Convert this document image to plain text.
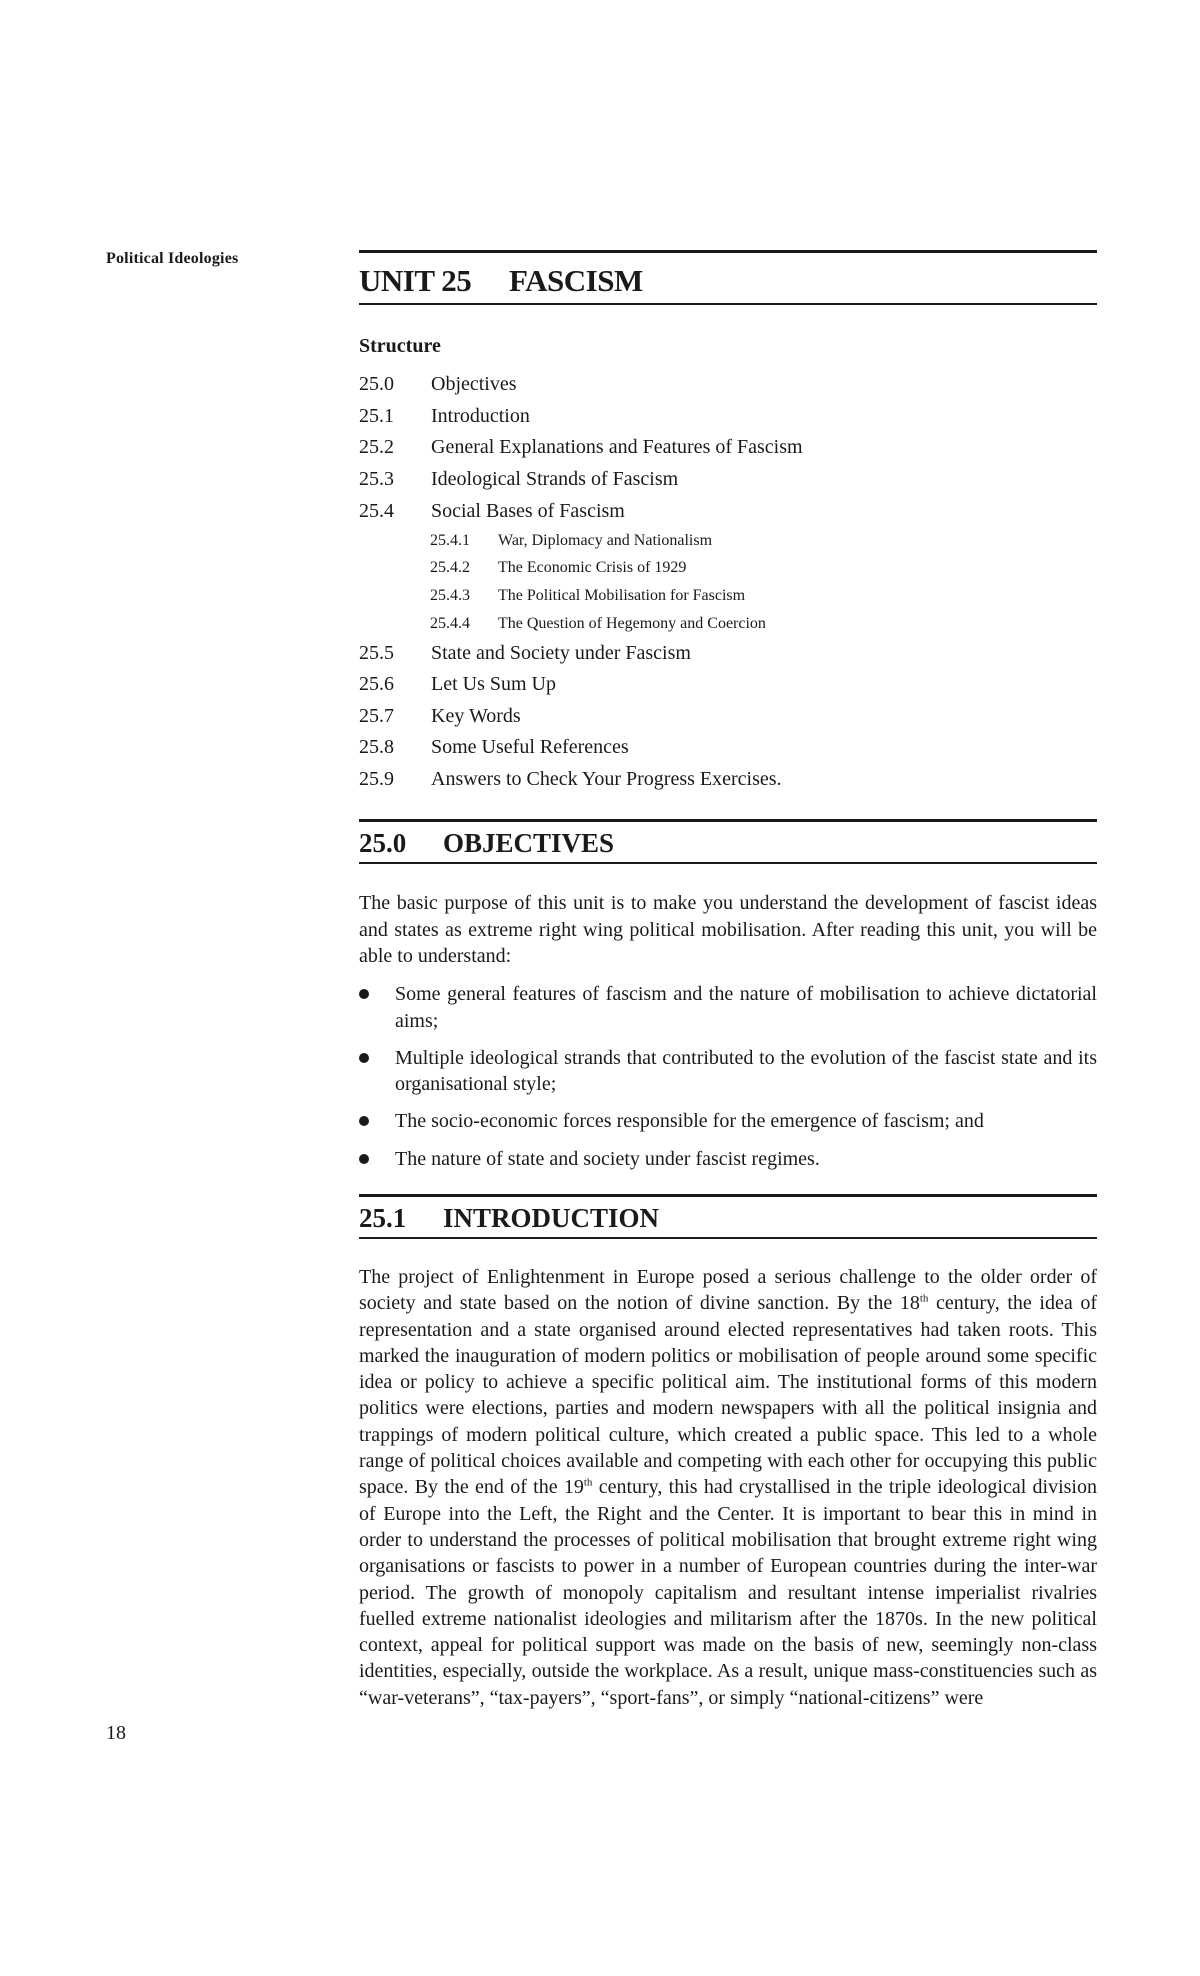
Political Ideologies
18
UNIT 25 FASCISM
Structure
25.0	Objectives
25.1	Introduction
25.2	General Explanations and Features of Fascism
25.3	Ideological Strands of Fascism
25.4	Social Bases of Fascism
25.4.1	War, Diplomacy and Nationalism
25.4.2	The Economic Crisis of 1929
25.4.3	The Political Mobilisation for Fascism
25.4.4	The Question of Hegemony and Coercion
25.5	State and Society under Fascism
25.6	Let Us Sum Up
25.7	Key Words
25.8	Some Useful References
25.9	Answers to Check Your Progress Exercises.
25.0 OBJECTIVES

The basic purpose of this unit is to make you understand the development of fascist ideas and states as extreme right wing political mobilisation. After reading this unit, you will be able to understand:

Some general features of fascism and the nature of mobilisation to achieve dictatorial aims;
Multiple ideological strands that contributed to the evolution of the fascist state and its organisational style;
The socio-economic forces responsible for the emergence of fascism; and
The nature of state and society under fascist regimes.
25.1 INTRODUCTION

The project of Enlightenment in Europe posed a serious challenge to the older order of society and state based on the notion of divine sanction. By the 18th century, the idea of representation and a state organised around elected representatives had taken roots. This marked the inauguration of modern politics or mobilisation of people around some specific idea or policy to achieve a specific political aim. The institutional forms of this modern politics were elections, parties and modern newspapers with all the political insignia and trappings of modern political culture, which created a public space. This led to a whole range of political choices available and competing with each other for occupying this public space. By the end of the 19th century, this had crystallised in the triple ideological division of Europe into the Left, the Right and the Center. It is important to bear this in mind in order to understand the processes of political mobilisation that brought extreme right wing organisations or fascists to power in a number of European countries during the inter-war period. The growth of monopoly capitalism and resultant intense imperialist rivalries fuelled extreme nationalist ideologies and militarism after the 1870s. In the new political context, appeal for political support was made on the basis of new, seemingly non-class identities, especially, outside the workplace. As a result, unique mass-constituencies such as “war-veterans”, “tax-payers”, “sport-fans”, or simply “national-citizens” were
